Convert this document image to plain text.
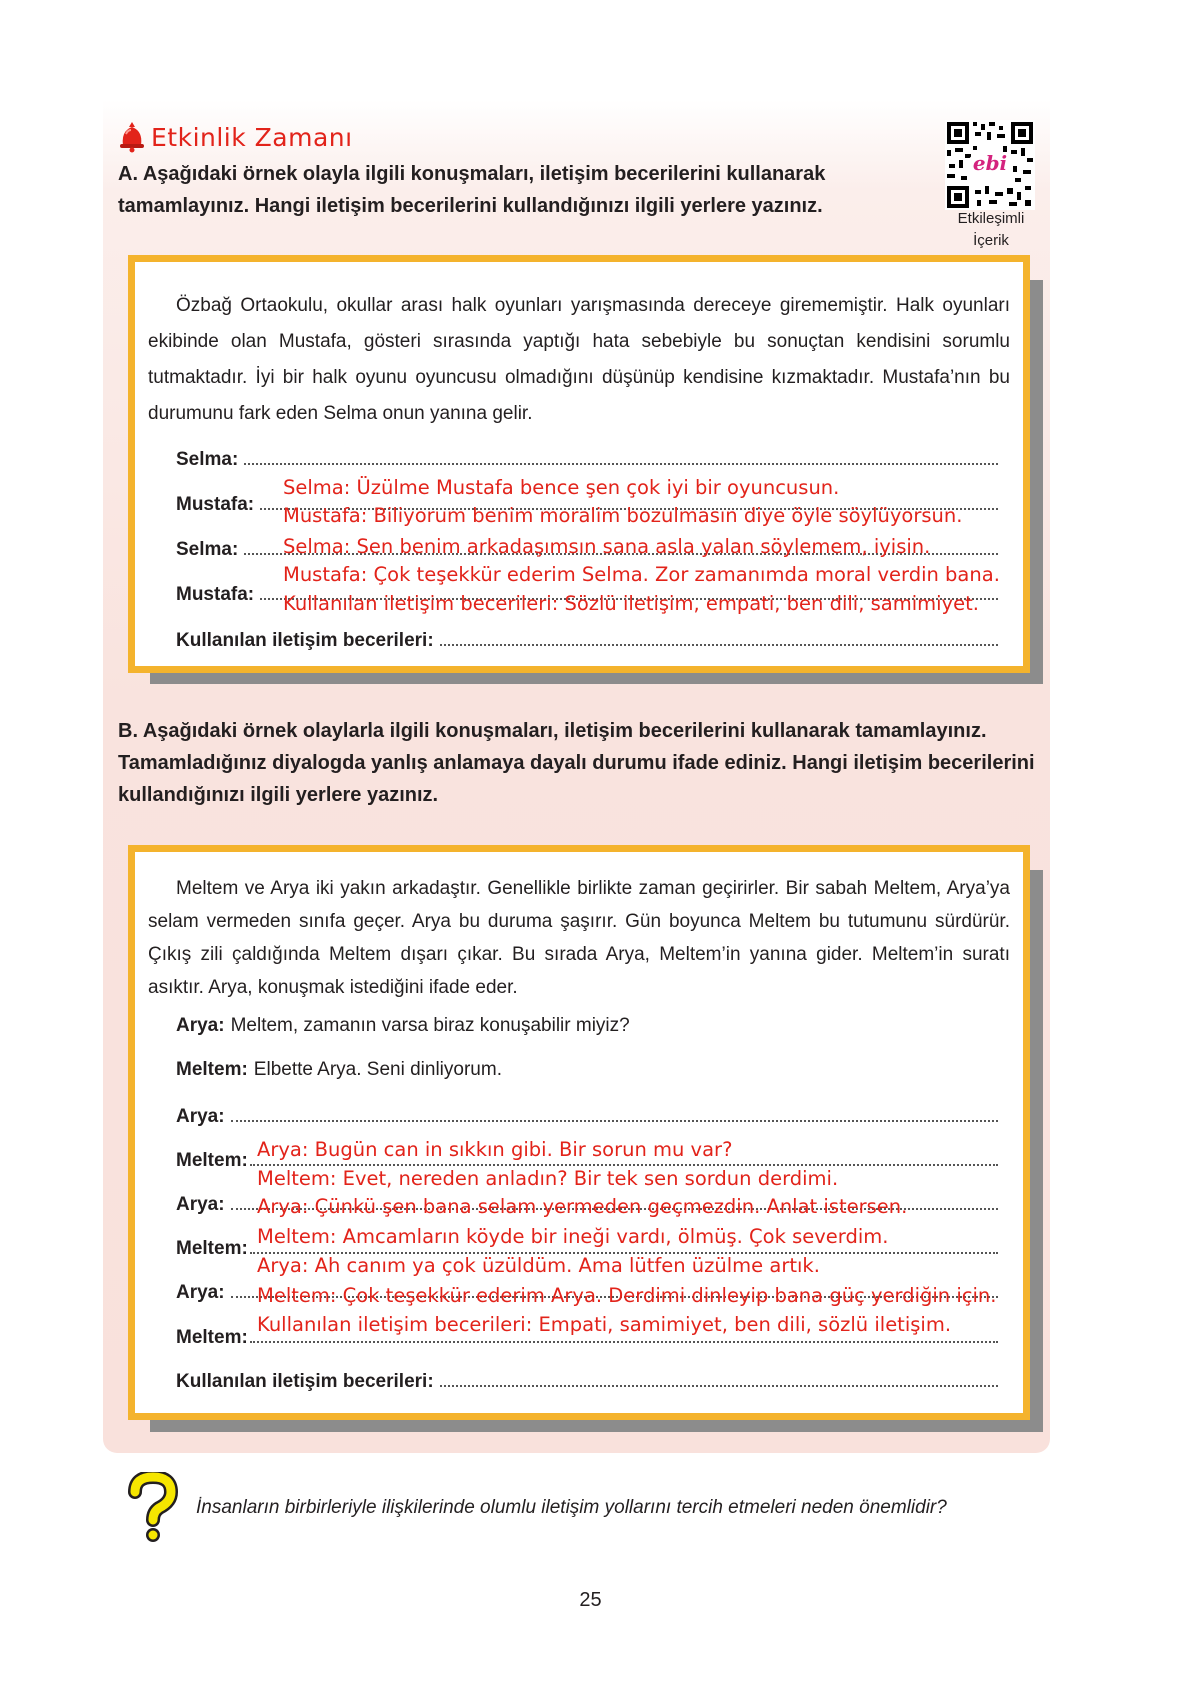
Etkinlik Zamanı
A. Aşağıdaki örnek olayla ilgili konuşmaları, iletişim becerilerini kullanarak tamamlayınız. Hangi iletişim becerilerini kullandığınızı ilgili yerlere yazınız.
ebi
Etkileşimli
İçerik
Özbağ Ortaokulu, okullar arası halk oyunları yarışmasında dereceye girememiştir. Halk oyunları ekibinde olan Mustafa, gösteri sırasında yaptığı hata sebebiyle bu sonuçtan kendisini sorumlu tutmaktadır. İyi bir halk oyunu oyuncusu olmadığını düşünüp kendisine kızmaktadır. Mustafa’nın bu durumunu fark eden Selma onun yanına gelir.
Selma:
Mustafa:
Selma:
Mustafa:
Kullanılan iletişim becerileri:
Selma: Üzülme Mustafa bence şen çok iyi bir oyuncusun.
Mustafa: Biliyorum benim moralim bozulmasın diye öyle söylüyorsun.
Selma: Sen benim arkadaşımsın sana asla yalan söylemem, iyisin.
Mustafa: Çok teşekkür ederim Selma. Zor zamanımda moral verdin bana.
Kullanılan iletişim becerileri: Sözlü iletişim, empati, ben dili, samimiyet.
B. Aşağıdaki örnek olaylarla ilgili konuşmaları, iletişim becerilerini kullanarak tamamlayınız. Tamamladığınız diyalogda yanlış anlamaya dayalı durumu ifade ediniz. Hangi iletişim becerilerini kullandığınızı ilgili yerlere yazınız.
Meltem ve Arya iki yakın arkadaştır. Genellikle birlikte zaman geçirirler. Bir sabah Meltem, Arya’ya selam vermeden sınıfa geçer. Arya bu duruma şaşırır. Gün boyunca Meltem bu tutumunu sürdürür. Çıkış zili çaldığında Meltem dışarı çıkar. Bu sırada Arya, Meltem’in yanına gider. Meltem’in suratı asıktır. Arya, konuşmak istediğini ifade eder.
Arya: Meltem, zamanın varsa biraz konuşabilir miyiz?
Meltem: Elbette Arya. Seni dinliyorum.
Arya:
Meltem:
Arya:
Meltem:
Arya:
Meltem:
Kullanılan iletişim becerileri:
Arya: Bugün can in sıkkın gibi. Bir sorun mu var?
Meltem: Evet, nereden anladın? Bir tek sen sordun derdimi.
Arya: Çünkü şen bana selam yermeden geçmezdin. Anlat istersen.
Meltem: Amcamların köyde bir ineği vardı, ölmüş. Çok severdim.
Arya: Ah canım ya çok üzüldüm. Ama lütfen üzülme artık.
Meltem: Çok teşekkür ederim Arya. Derdimi dinleyip bana güç yerdiğin için.
Kullanılan iletişim becerileri: Empati, samimiyet, ben dili, sözlü iletişim.
İnsanların birbirleriyle ilişkilerinde olumlu iletişim yollarını tercih etmeleri neden önemlidir?
25
